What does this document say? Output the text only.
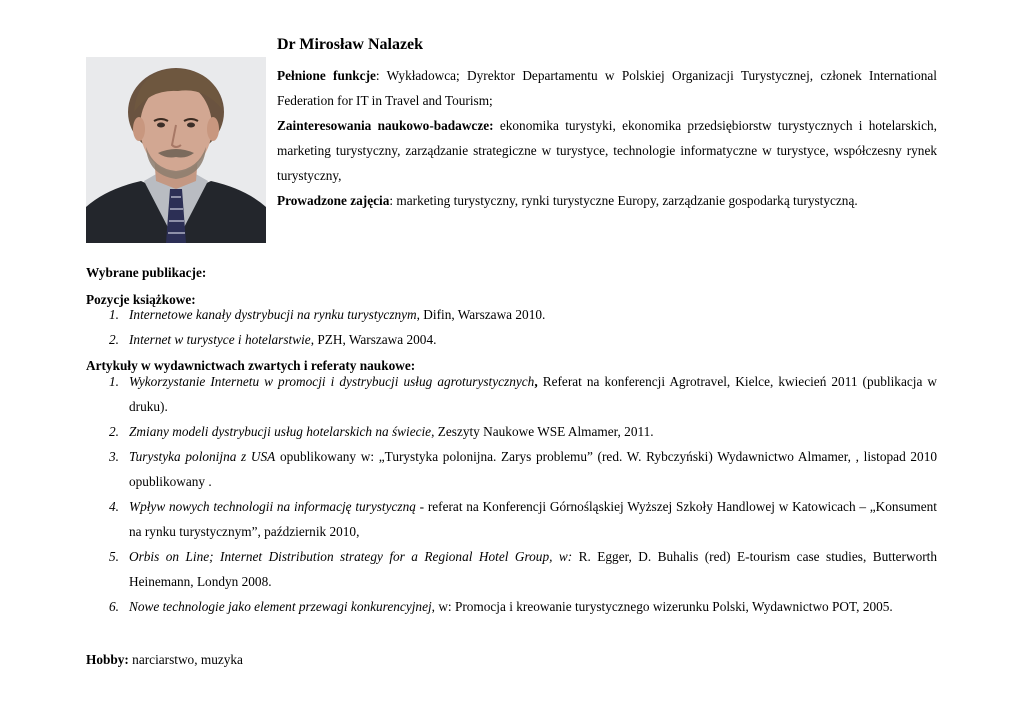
Dr Mirosław Nalazek

Pełnione funkcje: Wykładowca; Dyrektor Departamentu w Polskiej Organizacji Turystycznej, członek International Federation for IT in Travel and Tourism;

Zainteresowania naukowo-badawcze: ekonomika turystyki, ekonomika przedsiębiorstw turystycznych i hotelarskich, marketing turystyczny, zarządzanie strategiczne w turystyce, technologie informatyczne w turystyce, współczesny rynek turystyczny,

Prowadzone zajęcia: marketing turystyczny, rynki turystyczne Europy, zarządzanie gospodarką turystyczną.

Wybrane publikacje:
Pozycje książkowe:
1. Internetowe kanały dystrybucji na rynku turystycznym, Difin, Warszawa 2010.
2. Internet w turystyce i hotelarstwie, PZH, Warszawa 2004.
Artykuły w wydawnictwach zwartych i referaty naukowe:
1. Wykorzystanie Internetu w promocji i dystrybucji usług agroturystycznych, Referat na konferencji Agrotravel, Kielce, kwiecień 2011 (publikacja w druku).
2. Zmiany modeli dystrybucji usług hotelarskich na świecie, Zeszyty Naukowe WSE Almamer, 2011.
3. Turystyka polonijna z USA opublikowany w: „Turystyka polonijna. Zarys problemu” (red. W. Rybczyński) Wydawnictwo Almamer, , listopad 2010 opublikowany .
4. Wpływ nowych technologii na informację turystyczną - referat na Konferencji Górnośląskiej Wyższej Szkoły Handlowej w Katowicach – „Konsument na rynku turystycznym”, październik 2010,
5. Orbis on Line; Internet Distribution strategy for a Regional Hotel Group, w: R. Egger, D. Buhalis (red) E-tourism case studies, Butterworth Heinemann, Londyn 2008.
6. Nowe technologie jako element przewagi konkurencyjnej, w: Promocja i kreowanie turystycznego wizerunku Polski, Wydawnictwo POT, 2005.
Hobby: narciarstwo, muzyka
